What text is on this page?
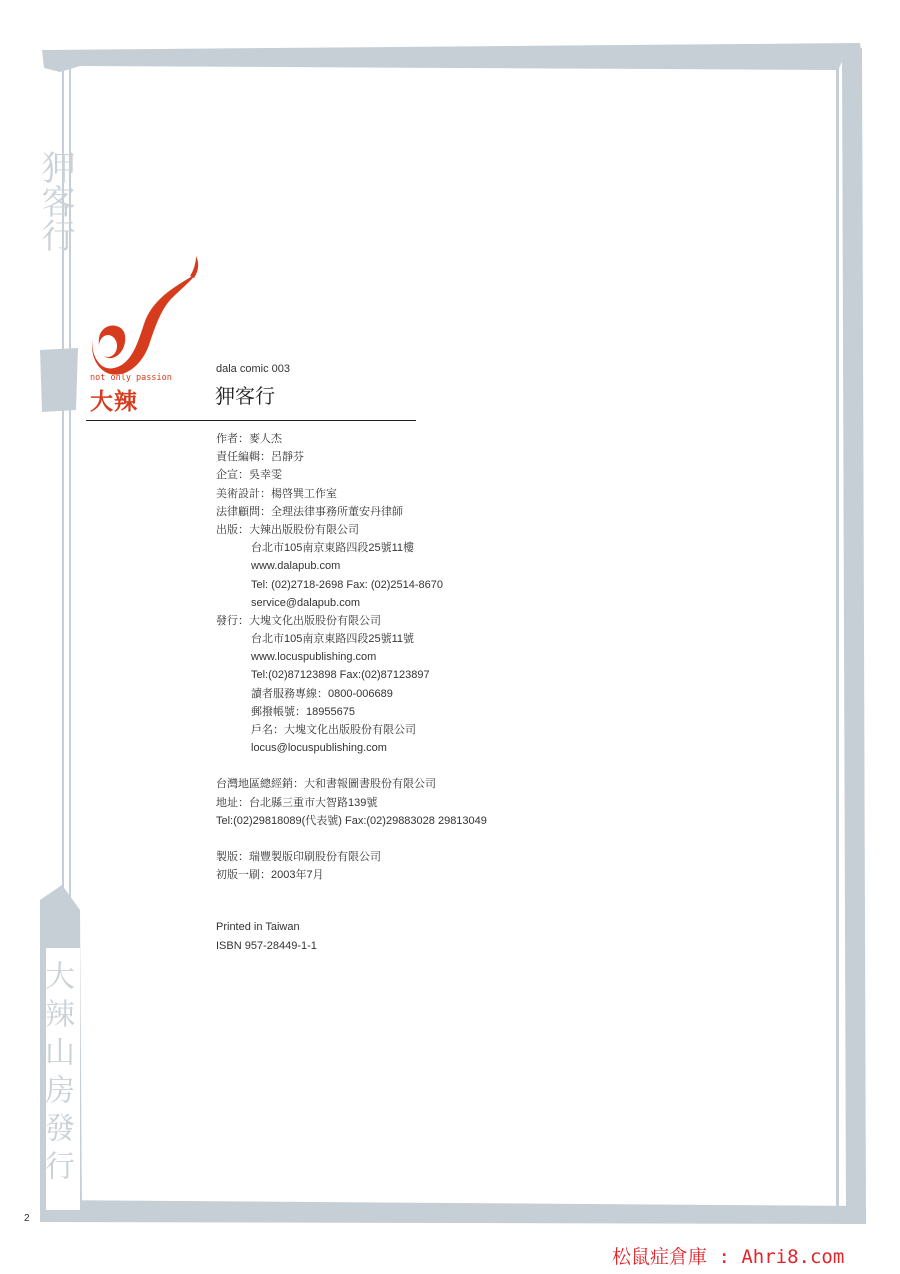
狎客行
大辣山房發行
not only passion
大辣
dala comic 003
狎客行
作者：麥人杰
責任編輯：呂靜芬
企宣：吳幸雯
美術設計：楊啓巽工作室
法律顧問：全理法律事務所董安丹律師
出版：大辣出版股份有限公司
台北市105南京東路四段25號11樓
www.dalapub.com
Tel: (02)2718-2698 Fax: (02)2514-8670
service@dalapub.com
發行：大塊文化出版股份有限公司
台北市105南京東路四段25號11號
www.locuspublishing.com
Tel:(02)87123898 Fax:(02)87123897
讀者服務專線：0800-006689
郵撥帳號：18955675
戶名：大塊文化出版股份有限公司
locus@locuspublishing.com
台灣地區總經銷：大和書報圖書股份有限公司
地址：台北縣三重市大智路139號
Tel:(02)29818089(代表號) Fax:(02)29883028 29813049
製版：瑞豐製版印刷股份有限公司
初版一刷：2003年7月
Printed in Taiwan
ISBN 957-28449-1-1
2
松鼠症倉庫 : Ahri8.com
